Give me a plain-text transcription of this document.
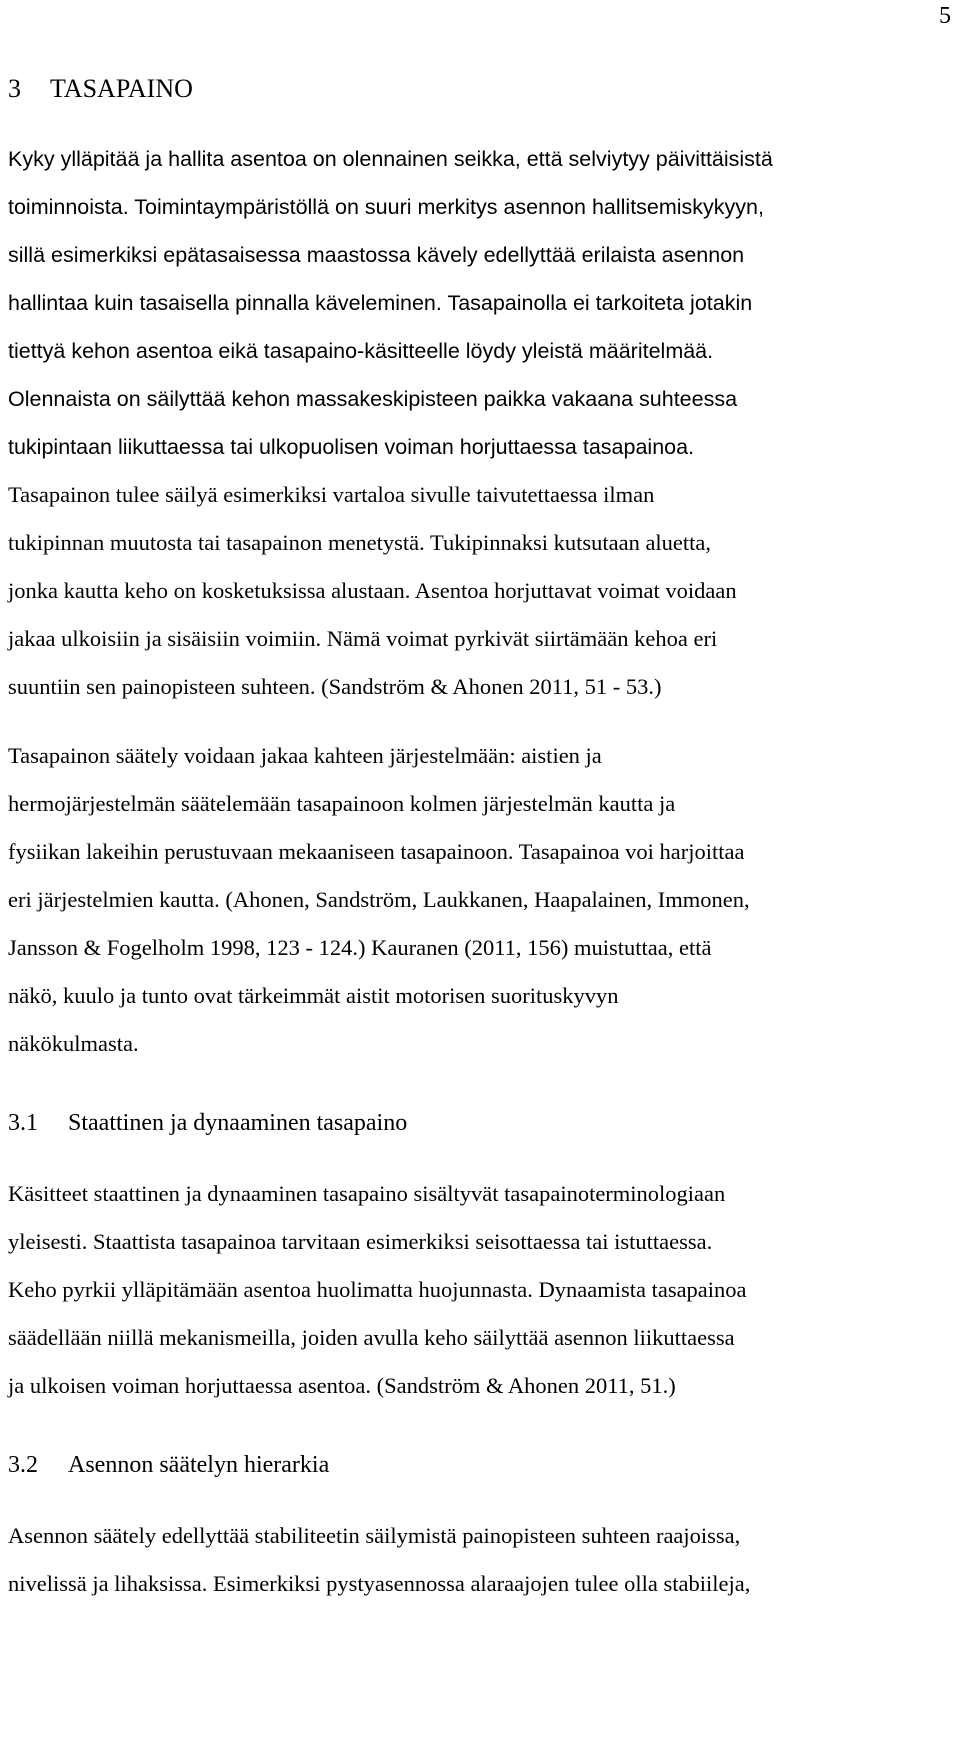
5
3 TASAPAINO
Kyky ylläpitää ja hallita asentoa on olennainen seikka, että selviytyy päivittäisistä
toiminnoista. Toimintaympäristöllä on suuri merkitys asennon hallitsemiskykyyn,
sillä esimerkiksi epätasaisessa maastossa kävely edellyttää erilaista asennon
hallintaa kuin tasaisella pinnalla käveleminen. Tasapainolla ei tarkoiteta jotakin
tiettyä kehon asentoa eikä tasapaino-käsitteelle löydy yleistä määritelmää.
Olennaista on säilyttää kehon massakeskipisteen paikka vakaana suhteessa
tukipintaan liikuttaessa tai ulkopuolisen voiman horjuttaessa tasapainoa.
Tasapainon tulee säilyä esimerkiksi vartaloa sivulle taivutettaessa ilman
tukipinnan muutosta tai tasapainon menetystä. Tukipinnaksi kutsutaan aluetta,
jonka kautta keho on kosketuksissa alustaan. Asentoa horjuttavat voimat voidaan
jakaa ulkoisiin ja sisäisiin voimiin. Nämä voimat pyrkivät siirtämään kehoa eri
suuntiin sen painopisteen suhteen. (Sandström & Ahonen 2011, 51 - 53.)
Tasapainon säätely voidaan jakaa kahteen järjestelmään: aistien ja
hermojärjestelmän säätelemään tasapainoon kolmen järjestelmän kautta ja
fysiikan lakeihin perustuvaan mekaaniseen tasapainoon. Tasapainoa voi harjoittaa
eri järjestelmien kautta. (Ahonen, Sandström, Laukkanen, Haapalainen, Immonen,
Jansson & Fogelholm 1998, 123 - 124.) Kauranen (2011, 156) muistuttaa, että
näkö, kuulo ja tunto ovat tärkeimmät aistit motorisen suorituskyvyn
näkökulmasta.
3.1 Staattinen ja dynaaminen tasapaino
Käsitteet staattinen ja dynaaminen tasapaino sisältyvät tasapainoterminologiaan
yleisesti. Staattista tasapainoa tarvitaan esimerkiksi seisottaessa tai istuttaessa.
Keho pyrkii ylläpitämään asentoa huolimatta huojunnasta. Dynaamista tasapainoa
säädellään niillä mekanismeilla, joiden avulla keho säilyttää asennon liikuttaessa
ja ulkoisen voiman horjuttaessa asentoa. (Sandström & Ahonen 2011, 51.)
3.2 Asennon säätelyn hierarkia
Asennon säätely edellyttää stabiliteetin säilymistä painopisteen suhteen raajoissa,
nivelissä ja lihaksissa. Esimerkiksi pystyasennossa alaraajojen tulee olla stabiileja,
